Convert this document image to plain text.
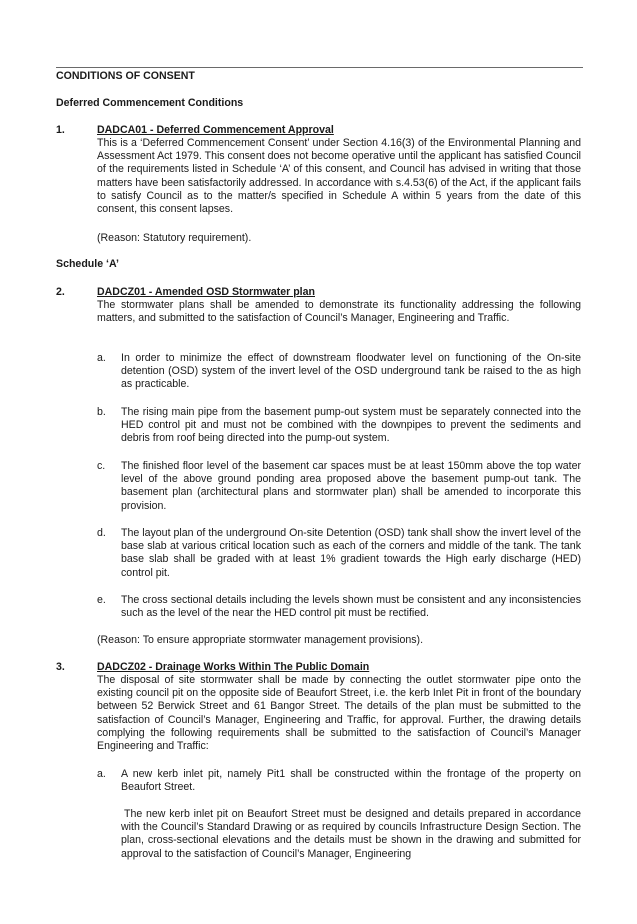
CONDITIONS OF CONSENT
Deferred Commencement Conditions
1.	DADCA01 - Deferred Commencement Approval
This is a ‘Deferred Commencement Consent’ under Section 4.16(3) of the Environmental Planning and Assessment Act 1979. This consent does not become operative until the applicant has satisfied Council of the requirements listed in Schedule ‘A’ of this consent, and Council has advised in writing that those matters have been satisfactorily addressed. In accordance with s.4.53(6) of the Act, if the applicant fails to satisfy Council as to the matter/s specified in Schedule A within 5 years from the date of this consent, this consent lapses.
(Reason: Statutory requirement).
Schedule ‘A’
2.	DADCZ01 - Amended OSD Stormwater plan
The stormwater plans shall be amended to demonstrate its functionality addressing the following matters, and submitted to the satisfaction of Council’s Manager, Engineering and Traffic.
a.	In order to minimize the effect of downstream floodwater level on functioning of the On-site detention (OSD) system of the invert level of the OSD underground tank be raised to the as high as practicable.
b.	The rising main pipe from the basement pump-out system must be separately connected into the HED control pit and must not be combined with the downpipes to prevent the sediments and debris from roof being directed into the pump-out system.
c.	The finished floor level of the basement car spaces must be at least 150mm above the top water level of the above ground ponding area proposed above the basement pump-out tank. The basement plan (architectural plans and stormwater plan) shall be amended to incorporate this provision.
d.	The layout plan of the underground On-site Detention (OSD) tank shall show the invert level of the base slab at various critical location such as each of the corners and middle of the tank. The tank base slab shall be graded with at least 1% gradient towards the High early discharge (HED) control pit.
e.	The cross sectional details including the levels shown must be consistent and any inconsistencies such as the level of the near the HED control pit must be rectified.
(Reason: To ensure appropriate stormwater management provisions).
3.	DADCZ02 - Drainage Works Within The Public Domain
The disposal of site stormwater shall be made by connecting the outlet stormwater pipe onto the existing council pit on the opposite side of Beaufort Street, i.e. the kerb Inlet Pit in front of the boundary between 52 Berwick Street and 61 Bangor Street. The details of the plan must be submitted to the satisfaction of Council’s Manager, Engineering and Traffic, for approval. Further, the drawing details complying the following requirements shall be submitted to the satisfaction of Council’s Manager Engineering and Traffic:
a.	A new kerb inlet pit, namely Pit1 shall be constructed within the frontage of the property on Beaufort Street.
The new kerb inlet pit on Beaufort Street must be designed and details prepared in accordance with the Council’s Standard Drawing or as required by councils Infrastructure Design Section. The plan, cross-sectional elevations and the details must be shown in the drawing and submitted for approval to the satisfaction of Council’s Manager, Engineering
